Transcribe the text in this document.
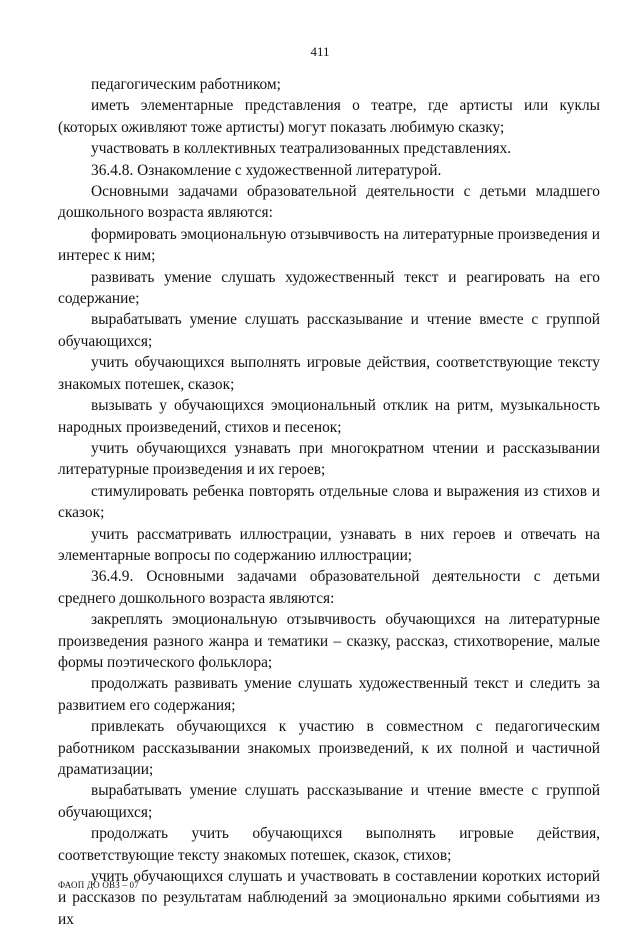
411

педагогическим работником;

иметь элементарные представления о театре, где артисты или куклы (которых оживляют тоже артисты) могут показать любимую сказку;

участвовать в коллективных театрализованных представлениях.

36.4.8. Ознакомление с художественной литературой.

Основными задачами образовательной деятельности с детьми младшего дошкольного возраста являются:

формировать эмоциональную отзывчивость на литературные произведения и интерес к ним;

развивать умение слушать художественный текст и реагировать на его содержание;

вырабатывать умение слушать рассказывание и чтение вместе с группой обучающихся;

учить обучающихся выполнять игровые действия, соответствующие тексту знакомых потешек, сказок;

вызывать у обучающихся эмоциональный отклик на ритм, музыкальность народных произведений, стихов и песенок;

учить обучающихся узнавать при многократном чтении и рассказывании литературные произведения и их героев;

стимулировать ребенка повторять отдельные слова и выражения из стихов и сказок;

учить рассматривать иллюстрации, узнавать в них героев и отвечать на элементарные вопросы по содержанию иллюстрации;

36.4.9. Основными задачами образовательной деятельности с детьми среднего дошкольного возраста являются:

закреплять эмоциональную отзывчивость обучающихся на литературные произведения разного жанра и тематики – сказку, рассказ, стихотворение, малые формы поэтического фольклора;

продолжать развивать умение слушать художественный текст и следить за развитием его содержания;

привлекать обучающихся к участию в совместном с педагогическим работником рассказывании знакомых произведений, к их полной и частичной драматизации;

вырабатывать умение слушать рассказывание и чтение вместе с группой обучающихся;

продолжать учить обучающихся выполнять игровые действия, соответствующие тексту знакомых потешек, сказок, стихов;

учить обучающихся слушать и участвовать в составлении коротких историй и рассказов по результатам наблюдений за эмоционально яркими событиями из их

ФАОП ДО ОВЗ – 07
